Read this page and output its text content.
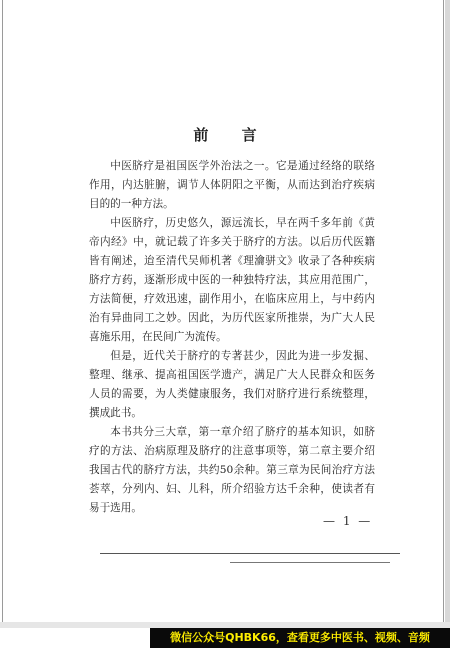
前 言

中医脐疗是祖国医学外治法之一。它是通过经络的联络作用，内达脏腑，调节人体阴阳之平衡，从而达到治疗疾病目的的一种方法。

中医脐疗，历史悠久，源远流长，早在两千多年前《黄帝内经》中，就记载了许多关于脐疗的方法。以后历代医籍皆有阐述，迨至清代吴师机著《理瀹骈文》收录了各种疾病脐疗方药，逐渐形成中医的一种独特疗法，其应用范围广，方法简便，疗效迅速，副作用小，在临床应用上，与中药内治有异曲同工之妙。因此，为历代医家所推崇，为广大人民喜施乐用，在民间广为流传。

但是，近代关于脐疗的专著甚少，因此为进一步发掘、整理、继承、提高祖国医学遗产，满足广大人民群众和医务人员的需要，为人类健康服务，我们对脐疗进行系统整理，撰成此书。

本书共分三大章，第一章介绍了脐疗的基本知识，如脐疗的方法、治病原理及脐疗的注意事项等，第二章主要介绍我国古代的脐疗方法，共约50余种。第三章为民间治疗方法荟萃，分列内、妇、儿科，所介绍验方达千余种，使读者有易于选用。

— 1 —
微信公众号QHBK66，查看更多中医书、视频、音频
